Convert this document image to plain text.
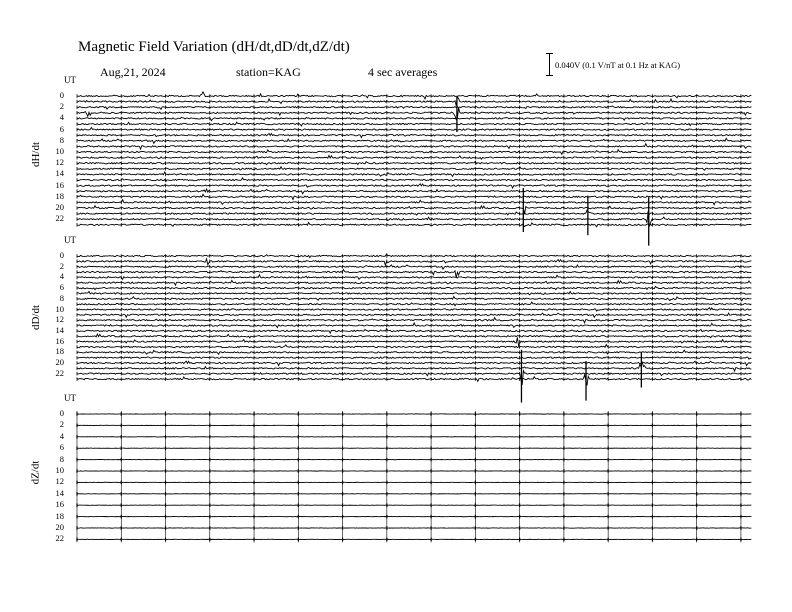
Magnetic Field Variation (dH/dt,dD/dt,dZ/dt)
Aug,21, 2024	station=KAG	4 sec averages	0.040V (0.1 V/nT at 0.1 Hz at KAG)
UT
dH/dt
0
2
4
6
8
10
12
14
16
18
20
22
UT
dD/dt
0
2
4
6
8
10
12
14
16
18
20
22
UT
dZ/dt
0
2
4
6
8
10
12
14
16
18
20
22
